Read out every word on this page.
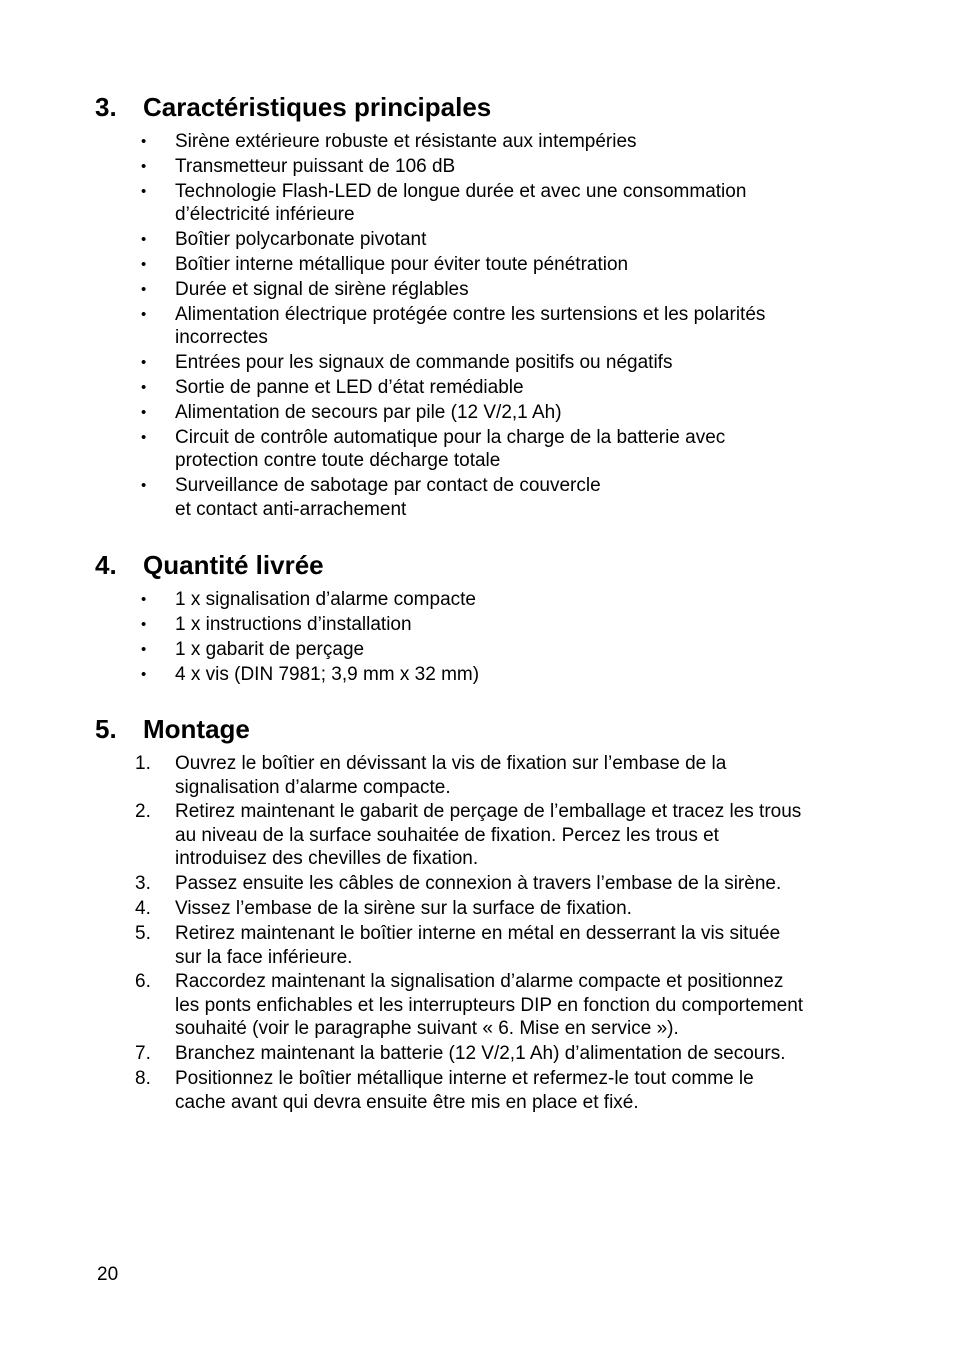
3. Caractéristiques principales
• Sirène extérieure robuste et résistante aux intempéries
• Transmetteur puissant de 106 dB
• Technologie Flash-LED de longue durée et avec une consommation
d’électricité inférieure
• Boîtier polycarbonate pivotant
• Boîtier interne métallique pour éviter toute pénétration
• Durée et signal de sirène réglables
• Alimentation électrique protégée contre les surtensions et les polarités
incorrectes
• Entrées pour les signaux de commande positifs ou négatifs
• Sortie de panne et LED d’état remédiable
• Alimentation de secours par pile (12 V/2,1 Ah)
• Circuit de contrôle automatique pour la charge de la batterie avec
protection contre toute décharge totale
• Surveillance de sabotage par contact de couvercle
et contact anti-arrachement
4. Quantité livrée
• 1 x signalisation d’alarme compacte
• 1 x instructions d’installation
• 1 x gabarit de perçage
• 4 x vis (DIN 7981; 3,9 mm x 32 mm)
5. Montage
1. Ouvrez le boîtier en dévissant la vis de fixation sur l’embase de la
signalisation d’alarme compacte.
2. Retirez maintenant le gabarit de perçage de l’emballage et tracez les trous
au niveau de la surface souhaitée de fixation. Percez les trous et
introduisez des chevilles de fixation.
3. Passez ensuite les câbles de connexion à travers l’embase de la sirène.
4. Vissez l’embase de la sirène sur la surface de fixation.
5. Retirez maintenant le boîtier interne en métal en desserrant la vis située
sur la face inférieure.
6. Raccordez maintenant la signalisation d’alarme compacte et positionnez
les ponts enfichables et les interrupteurs DIP en fonction du comportement
souhaité (voir le paragraphe suivant « 6. Mise en service »).
7. Branchez maintenant la batterie (12 V/2,1 Ah) d’alimentation de secours.
8. Positionnez le boîtier métallique interne et refermez-le tout comme le
cache avant qui devra ensuite être mis en place et fixé.
20
